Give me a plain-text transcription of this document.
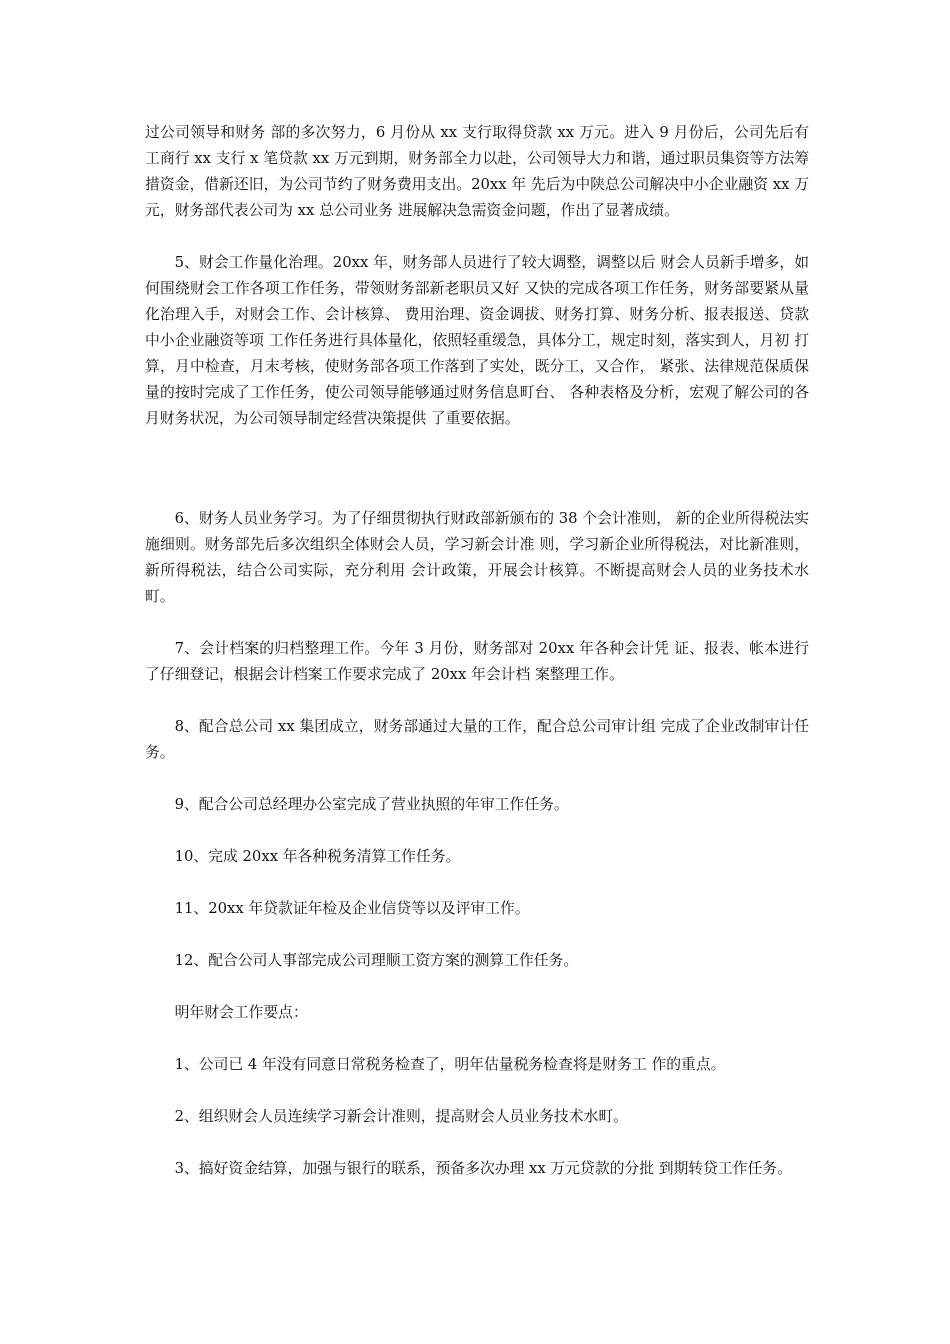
过公司领导和财务 部的多次努力，6 月份从 xx 支行取得贷款 xx 万元。进入 9 月份后，公司先后有 工商行 xx 支行 x 笔贷款 xx 万元到期，财务部全力以赴，公司领导大力和谐，通过职员集资等方法筹措资金，借新还旧，为公司节约了财务费用支出。20xx 年 先后为中陕总公司解决中小企业融资 xx 万元，财务部代表公司为 xx 总公司业务 进展解决急需资金问题，作出了显著成绩。

5、财会工作量化治理。20xx 年，财务部人员进行了较大调整，调整以后 财会人员新手增多，如何围绕财会工作各项工作任务，带领财务部新老职员又好 又快的完成各项工作任务，财务部要紧从量化治理入手，对财会工作、会计核算、 费用治理、资金调拔、财务打算、财务分析、报表报送、贷款中小企业融资等项 工作任务进行具体量化，依照轻重缓急，具体分工，规定时刻，落实到人，月初 打算，月中检查，月末考核，使财务部各项工作落到了实处，既分工，又合作， 紧张、法律规范保质保量的按时完成了工作任务，使公司领导能够通过财务信息町台、 各种表格及分析，宏观了解公司的各月财务状况，为公司领导制定经营决策提供 了重要依据。

6、财务人员业务学习。为了仔细贯彻执行财政部新颁布的 38 个会计准则， 新的企业所得税法实施细则。财务部先后多次组织全体财会人员，学习新会计准 则，学习新企业所得税法，对比新准则，新所得税法，结合公司实际，充分利用 会计政策，开展会计核算。不断提高财会人员的业务技术水町。

7、会计档案的归档整理工作。今年 3 月份，财务部对 20xx 年各种会计凭 证、报表、帐本进行了仔细登记，根据会计档案工作要求完成了 20xx 年会计档 案整理工作。

8、配合总公司 xx 集团成立，财务部通过大量的工作，配合总公司审计组 完成了企业改制审计任务。

9、配合公司总经理办公室完成了营业执照的年审工作任务。

10、完成 20xx 年各种税务清算工作任务。

11、20xx 年贷款证年检及企业信贷等以及评审工作。

12、配合公司人事部完成公司理顺工资方案的测算工作任务。

明年财会工作要点：

1、公司已 4 年没有同意日常税务检查了，明年估量税务检查将是财务工 作的重点。

2、组织财会人员连续学习新会计准则，提高财会人员业务技术水町。

3、搞好资金结算，加强与银行的联系，预备多次办理 xx 万元贷款的分批 到期转贷工作任务。
